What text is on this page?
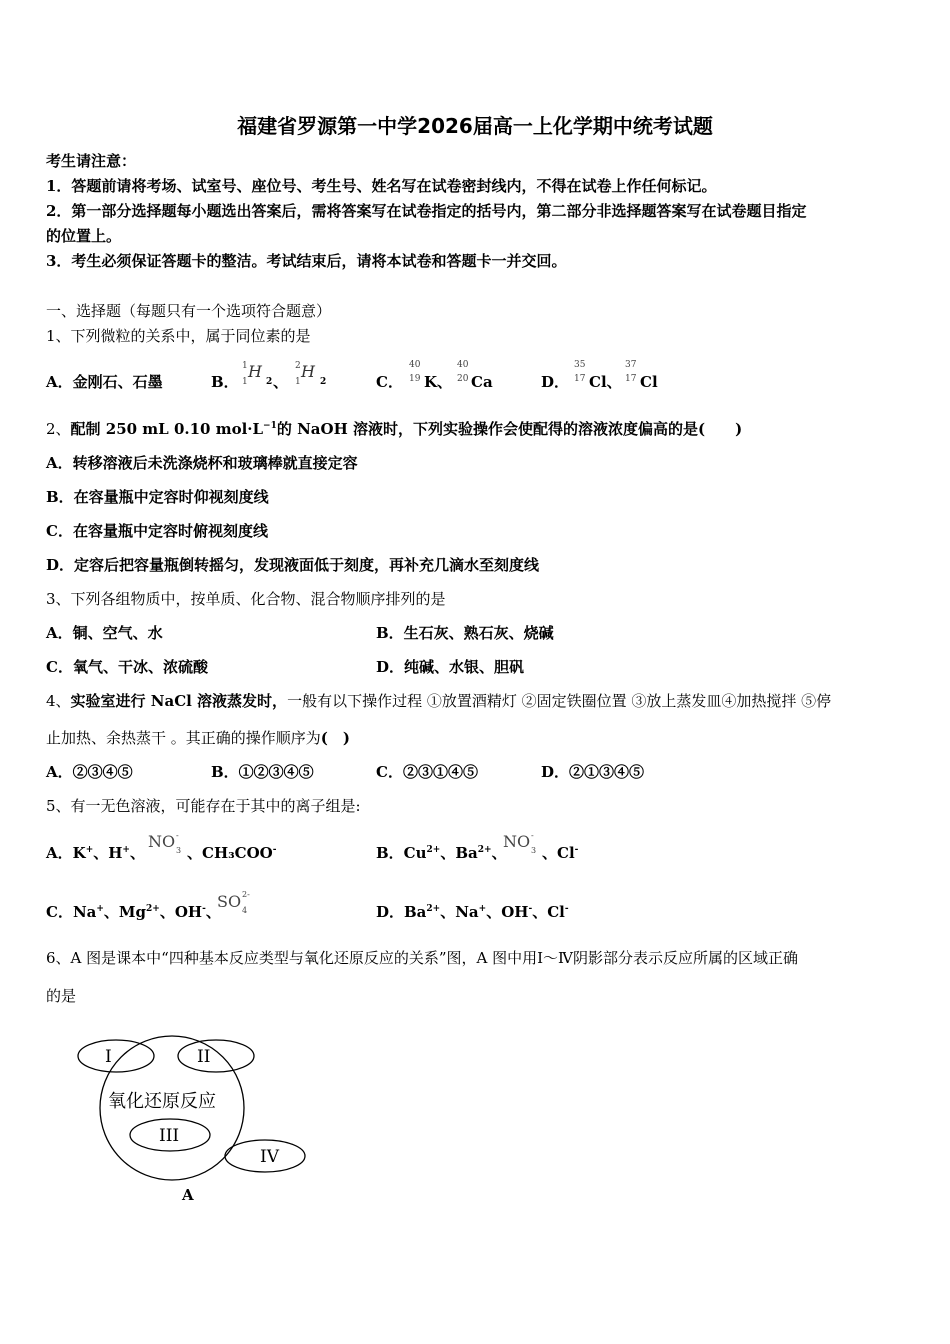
福建省罗源第一中学2026届高一上化学期中统考试题
考生请注意：
1．答题前请将考场、试室号、座位号、考生号、姓名写在试卷密封线内，不得在试卷上作任何标记。
2．第一部分选择题每小题选出答案后，需将答案写在试卷指定的括号内，第二部分非选择题答案写在试卷题目指定
的位置上。
3．考生必须保证答题卡的整洁。考试结束后，请将本试卷和答题卡一并交回。
一、选择题（每题只有一个选项符合题意）
1、下列微粒的关系中，属于同位素的是
A．金刚石、石墨	B．
1
1
H
2 、
2
1
H
2	C．
40
19 K、
40
20 Ca	D．
35
17 Cl、
37
17 Cl
2、配制 250 mL 0.10 $mol\cdot L^{-1}$的 NaOH 溶液时，下列实验操作会使配得的溶液浓度偏高的是(　　)
A．转移溶液后未洗涤烧杯和玻璃棒就直接定容
B．在容量瓶中定容时仰视刻度线
C．在容量瓶中定容时俯视刻度线
D．定容后把容量瓶倒转摇匀，发现液面低于刻度，再补充几滴水至刻度线
3、下列各组物质中，按单质、化合物、混合物顺序排列的是
A．铜、空气、水	B．生石灰、熟石灰、烧碱
C．氧气、干冰、浓硫酸	D．纯碱、水银、胆矾
4、实验室进行 NaCl 溶液蒸发时，一般有以下操作过程 ①放置酒精灯 ②固定铁圈位置 ③放上蒸发皿④加热搅拌 ⑤停
止加热、余热蒸干 。其正确的操作顺序为(　)
A．②③④⑤	B．①②③④⑤	C．②③①④⑤	D．②①③④⑤
5、有一无色溶液，可能存在于其中的离子组是:
A．K+、H+、
NO -
3 、CH₃COO-	B．$Cu^{2+}$、$Ba^{2+}$、
NO -
3 、Cl-
C．Na+、$Mg^{2+}$、OH-、
SO 2-
4	D．$Ba^{2+}$、Na+、OH-、Cl-
6、A 图是课本中“四种基本反应类型与氧化还原反应的关系”图，A 图中用Ⅰ～Ⅳ阴影部分表示反应所属的区域正确
的是
I	II
III
IV
氧化还原反应
A
